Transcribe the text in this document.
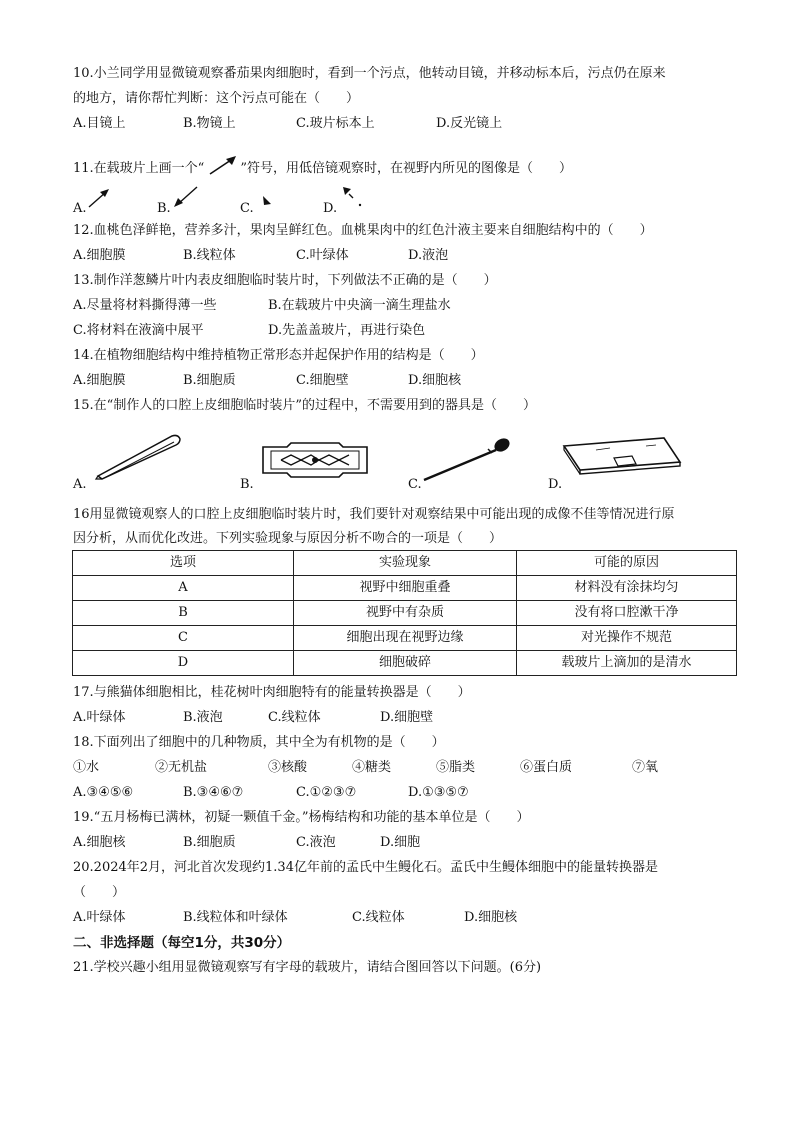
10.小兰同学用显微镜观察番茄果肉细胞时，看到一个污点，他转动目镜，并移动标本后，污点仍在原来
的地方，请你帮忙判断：这个污点可能在（　　）
A.目镜上	B.物镜上	C.玻片标本上	D.反光镜上
11.在载玻片上画一个“	”符号，用低倍镜观察时，在视野内所见的图像是（　　）
A.	B.	C.	D.
12.血桃色泽鲜艳，营养多汁，果肉呈鲜红色。血桃果肉中的红色汁液主要来自细胞结构中的（　　）
A.细胞膜	B.线粒体	C.叶绿体	D.液泡
13.制作洋葱鳞片叶内表皮细胞临时装片时，下列做法不正确的是（　　）
A.尽量将材料撕得薄一些	B.在载玻片中央滴一滴生理盐水
C.将材料在液滴中展平	D.先盖盖玻片，再进行染色
14.在植物细胞结构中维持植物正常形态并起保护作用的结构是（　　）
A.细胞膜	B.细胞质	C.细胞壁	D.细胞核
15.在“制作人的口腔上皮细胞临时装片”的过程中，不需要用到的器具是（　　）
A.	B.	C.	D.
16用显微镜观察人的口腔上皮细胞临时装片时，我们要针对观察结果中可能出现的成像不佳等情况进行原
因分析，从而优化改进。下列实验现象与原因分析不吻合的一项是（　　）
选项	实验现象	可能的原因
A	视野中细胞重叠	材料没有涂抹均匀
B	视野中有杂质	没有将口腔漱干净
C	细胞出现在视野边缘	对光操作不规范
D	细胞破碎	载玻片上滴加的是清水
17.与熊猫体细胞相比，桂花树叶肉细胞特有的能量转换器是（　　）
A.叶绿体	B.液泡	C.线粒体	D.细胞壁
18.下面列出了细胞中的几种物质，其中全为有机物的是（　　）
①水	②无机盐	③核酸	④糖类	⑤脂类	⑥蛋白质	⑦氧
A.③④⑤⑥	B.③④⑥⑦	C.①②③⑦	D.①③⑤⑦
19.“五月杨梅已满林，初疑一颗值千金。”杨梅结构和功能的基本单位是（　　）
A.细胞核	B.细胞质	C.液泡	D.细胞
20.2024年2月，河北首次发现约1.34亿年前的孟氏中生鳗化石。孟氏中生鳗体细胞中的能量转换器是
（　　）
A.叶绿体	B.线粒体和叶绿体	C.线粒体	D.细胞核
二、非选择题（每空1分，共30分）
21.学校兴趣小组用显微镜观察写有字母的载玻片，请结合图回答以下问题。(6分)
